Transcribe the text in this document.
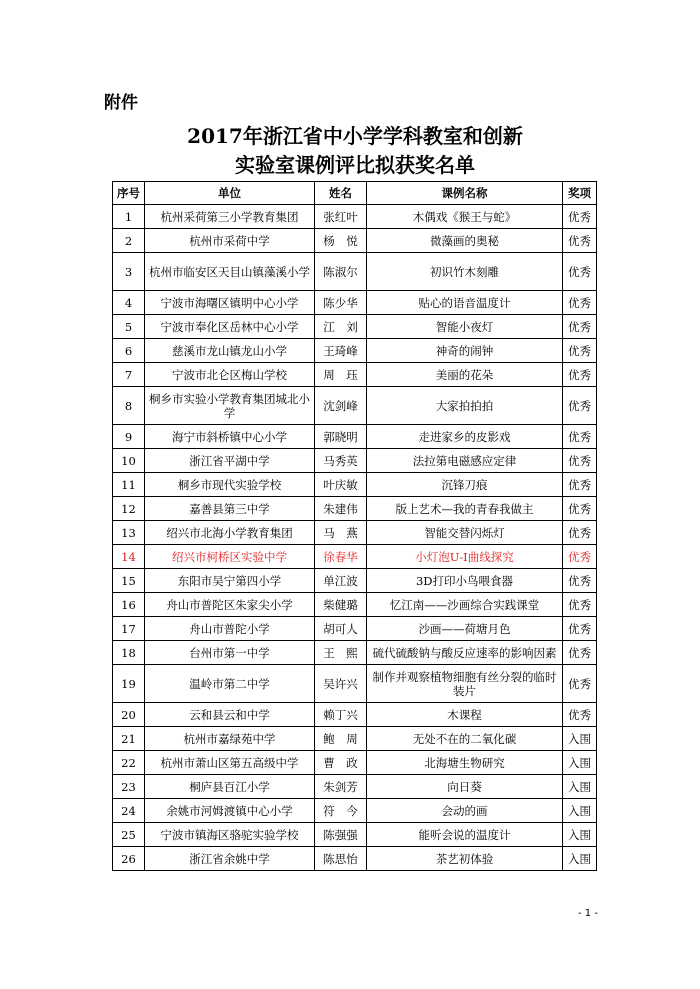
附件
2017年浙江省中小学学科教室和创新
实验室课例评比拟获奖名单
序号	单位	姓名	课例名称	奖项
1	杭州采荷第三小学教育集团	张红叶	木偶戏《猴王与蛇》	优秀
2	杭州市采荷中学	杨　悦	微藻画的奥秘	优秀
3	杭州市临安区天目山镇藻溪小学	陈淑尔	初识竹木刻雕	优秀
4	宁波市海曙区镇明中心小学	陈少华	贴心的语音温度计	优秀
5	宁波市奉化区岳林中心小学	江　刘	智能小夜灯	优秀
6	慈溪市龙山镇龙山小学	王琦峰	神奇的闹钟	优秀
7	宁波市北仑区梅山学校	周　珏	美丽的花朵	优秀
8	桐乡市实验小学教育集团城北小学	沈剑峰	大家拍拍拍	优秀
9	海宁市斜桥镇中心小学	郭晓明	走进家乡的皮影戏	优秀
10	浙江省平湖中学	马秀英	法拉第电磁感应定律	优秀
11	桐乡市现代实验学校	叶庆敏	沉锋刀痕	优秀
12	嘉善县第三中学	朱建伟	版上艺术—我的青春我做主	优秀
13	绍兴市北海小学教育集团	马　燕	智能交替闪烁灯	优秀
14	绍兴市柯桥区实验中学	徐春华	小灯泡U-I曲线探究	优秀
15	东阳市吴宁第四小学	单江波	3D打印小鸟喂食器	优秀
16	舟山市普陀区朱家尖小学	柴健璐	忆江南——沙画综合实践课堂	优秀
17	舟山市普陀小学	胡可人	沙画——荷塘月色	优秀
18	台州市第一中学	王　熙	硫代硫酸钠与酸反应速率的影响因素	优秀
19	温岭市第二中学	吴许兴	制作并观察植物细胞有丝分裂的临时装片	优秀
20	云和县云和中学	赖丁兴	木课程	优秀
21	杭州市嘉绿苑中学	鲍　周	无处不在的二氧化碳	入围
22	杭州市萧山区第五高级中学	曹　政	北海塘生物研究	入围
23	桐庐县百江小学	朱剑芳	向日葵	入围
24	余姚市河姆渡镇中心小学	符　今	会动的画	入围
25	宁波市镇海区骆驼实验学校	陈强强	能听会说的温度计	入围
26	浙江省余姚中学	陈思怡	茶艺初体验	入围
- 1 -
